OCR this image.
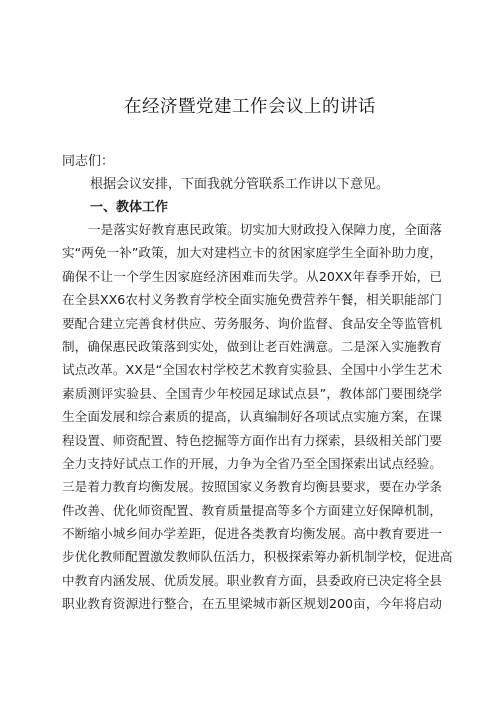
在经济暨党建工作会议上的讲话
同志们：
根据会议安排，下面我就分管联系工作讲以下意见。
一、教体工作
一是落实好教育惠民政策。切实加大财政投入保障力度，全面落
实“两免一补”政策，加大对建档立卡的贫困家庭学生全面补助力度，
确保不让一个学生因家庭经济困难而失学。从20XX年春季开始，已
在全县XX6农村义务教育学校全面实施免费营养午餐，相关职能部门
要配合建立完善食材供应、劳务服务、询价监督、食品安全等监管机
制，确保惠民政策落到实处，做到让老百姓满意。二是深入实施教育
试点改革。XX是“全国农村学校艺术教育实验县、全国中小学生艺术
素质测评实验县、全国青少年校园足球试点县”，教体部门要围绕学
生全面发展和综合素质的提高，认真编制好各项试点实施方案，在课
程设置、师资配置、特色挖掘等方面作出有力探索，县级相关部门要
全力支持好试点工作的开展，力争为全省乃至全国探索出试点经验。
三是着力教育均衡发展。按照国家义务教育均衡县要求，要在办学条
件改善、优化师资配置、教育质量提高等多个方面建立好保障机制，
不断缩小城乡间办学差距，促进各类教育均衡发展。高中教育要进一
步优化教师配置激发教师队伍活力，积极探索筹办新机制学校，促进高
中教育内涵发展、优质发展。职业教育方面，县委政府已决定将全县
职业教育资源进行整合，在五里梁城市新区规划200亩，今年将启动
